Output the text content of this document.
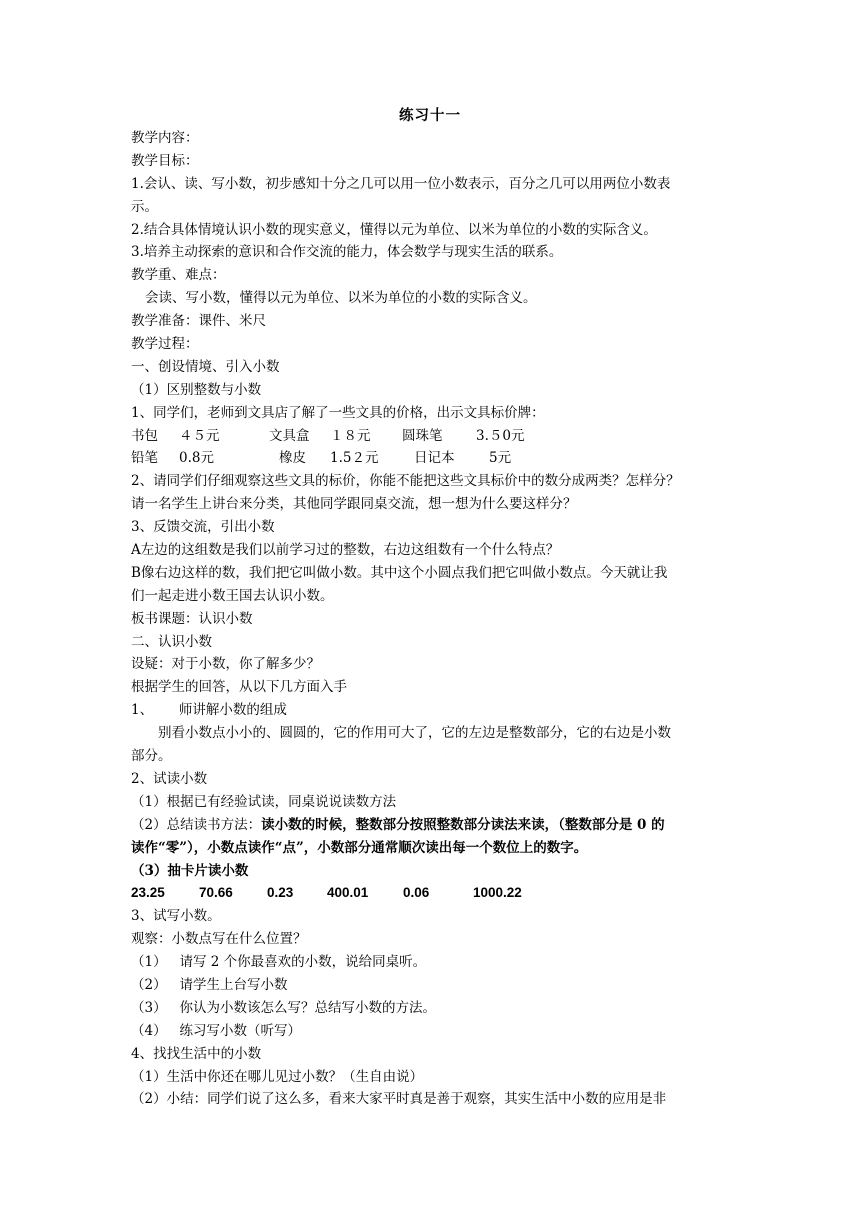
练习十一
教学内容：
教学目标：
1.会认、读、写小数，初步感知十分之几可以用一位小数表示，百分之几可以用两位小数表
示。
2.结合具体情境认识小数的现实意义，懂得以元为单位、以米为单位的小数的实际含义。
3.培养主动探索的意识和合作交流的能力，体会数学与现实生活的联系。
教学重、难点：
会读、写小数，懂得以元为单位、以米为单位的小数的实际含义。
教学准备：课件、米尺
教学过程：
一、创设情境、引入小数
（1）区别整数与小数
1、同学们，老师到文具店了解了一些文具的价格，出示文具标价牌：
书包 ４５元	文具盒 １８元 圆珠笔 3.５0元
铅笔 0.8元	橡皮 1.5２元	日记本	5元
2、请同学们仔细观察这些文具的标价，你能不能把这些文具标价中的数分成两类？怎样分？
请一名学生上讲台来分类，其他同学跟同桌交流，想一想为什么要这样分？
3、反馈交流，引出小数
A左边的这组数是我们以前学习过的整数，右边这组数有一个什么特点？
B像右边这样的数，我们把它叫做小数。其中这个小圆点我们把它叫做小数点。今天就让我
们一起走进小数王国去认识小数。
板书课题：认识小数
二、认识小数
设疑：对于小数，你了解多少？
根据学生的回答，从以下几方面入手
1、      师讲解小数的组成
别看小数点小小的、圆圆的，它的作用可大了，它的左边是整数部分，它的右边是小数
部分。
2、试读小数
（1）根据已有经验试读，同桌说说读数方法
（2）总结读书方法：读小数的时候，整数部分按照整数部分读法来读，（整数部分是 0 的
读作“零”），小数点读作“点”，小数部分通常顺次读出每一个数位上的数字。
（3）抽卡片读小数
23.25	70.66	0.23 400.01	0.06	1000.22
3、试写小数。
观察：小数点写在什么位置？
（1）   请写 2 个你最喜欢的小数，说给同桌听。
（2）   请学生上台写小数
（3）   你认为小数该怎么写？总结写小数的方法。
（4）   练习写小数（听写）
4、找找生活中的小数
（1）生活中你还在哪儿见过小数？（生自由说）
（2）小结：同学们说了这么多，看来大家平时真是善于观察，其实生活中小数的应用是非
